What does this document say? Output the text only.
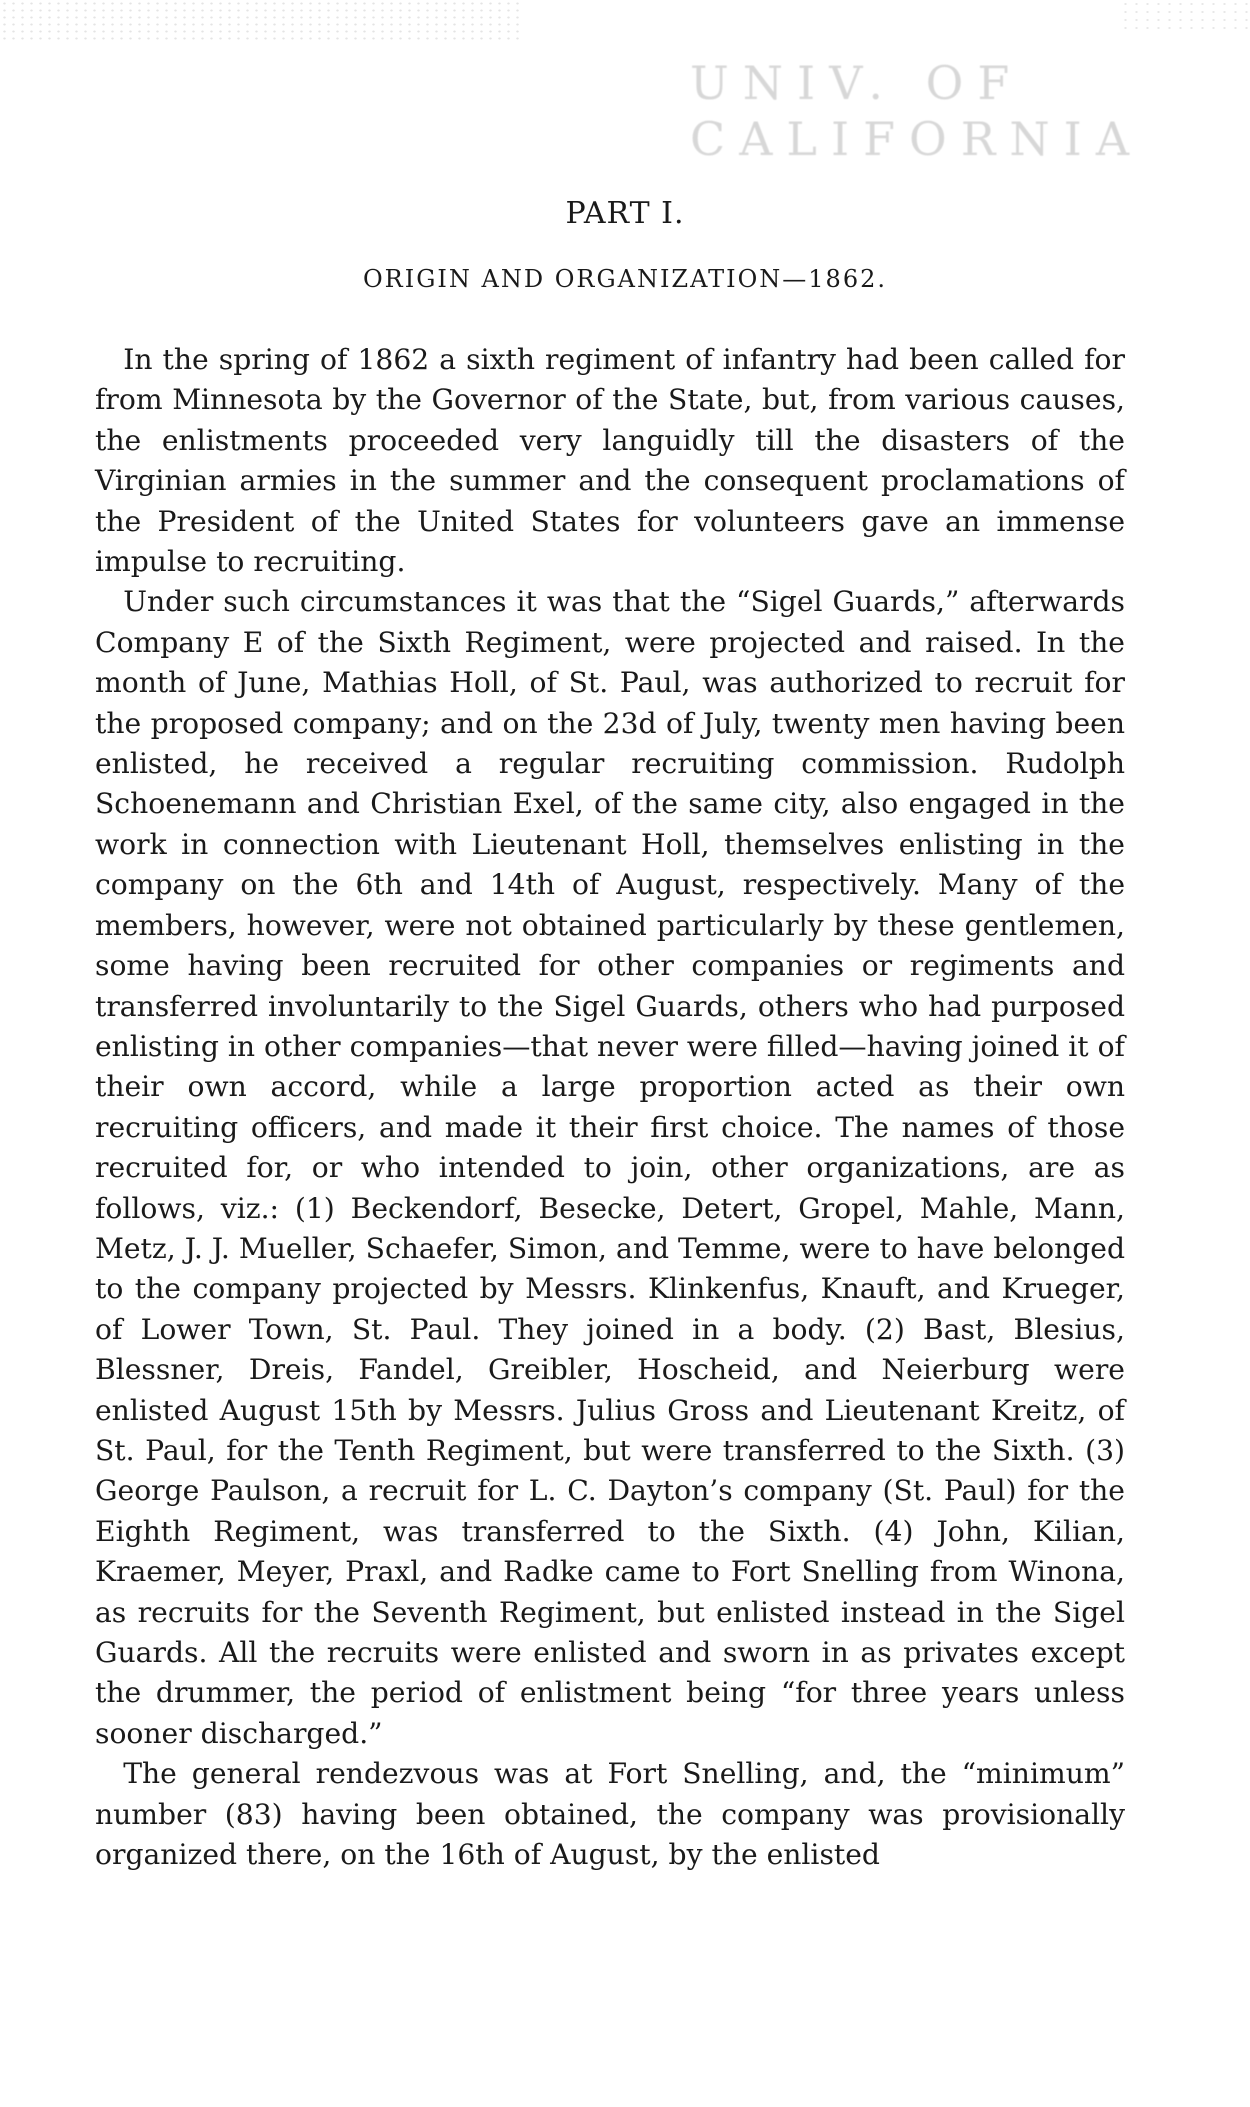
UNIV. OF
CALIFORNIA
PART I.
ORIGIN AND ORGANIZATION—1862.

 In the spring of 1862 a sixth regiment of infantry had been called for from Minnesota by the Governor of the State, but, from various causes, the enlistments proceeded very languidly till the disasters of the Virginian armies in the summer and the consequent proclamations of the President of the United States for volunteers gave an immense impulse to recruiting.

 Under such circumstances it was that the “Sigel Guards,” afterwards Company E of the Sixth Regiment, were projected and raised. In the month of June, Mathias Holl, of St. Paul, was authorized to recruit for the proposed company; and on the 23d of July, twenty men having been enlisted, he received a regular recruiting commission. Rudolph Schoenemann and Christian Exel, of the same city, also engaged in the work in connection with Lieutenant Holl, themselves enlisting in the company on the 6th and 14th of August, respectively. Many of the members, however, were not obtained particularly by these gentlemen, some having been recruited for other companies or regiments and transferred involuntarily to the Sigel Guards, others who had purposed enlisting in other companies—that never were filled—having joined it of their own accord, while a large proportion acted as their own recruiting officers, and made it their first choice. The names of those recruited for, or who intended to join, other organizations, are as follows, viz.: (1) Beckendorf, Besecke, Detert, Gropel, Mahle, Mann, Metz, J. J. Mueller, Schaefer, Simon, and Temme, were to have belonged to the company projected by Messrs. Klinkenfus, Knauft, and Krueger, of Lower Town, St. Paul. They joined in a body. (2) Bast, Blesius, Blessner, Dreis, Fandel, Greibler, Hoscheid, and Neierburg were enlisted August 15th by Messrs. Julius Gross and Lieutenant Kreitz, of St. Paul, for the Tenth Regiment, but were transferred to the Sixth. (3) George Paulson, a recruit for L. C. Dayton’s company (St. Paul) for the Eighth Regiment, was transferred to the Sixth. (4) John, Kilian, Kraemer, Meyer, Praxl, and Radke came to Fort Snelling from Winona, as recruits for the Seventh Regiment, but enlisted instead in the Sigel Guards. All the recruits were enlisted and sworn in as privates except the drummer, the period of enlistment being “for three years unless sooner discharged.”

 The general rendezvous was at Fort Snelling, and, the “minimum” number (83) having been obtained, the company was provisionally organized there, on the 16th of August, by the enlisted
